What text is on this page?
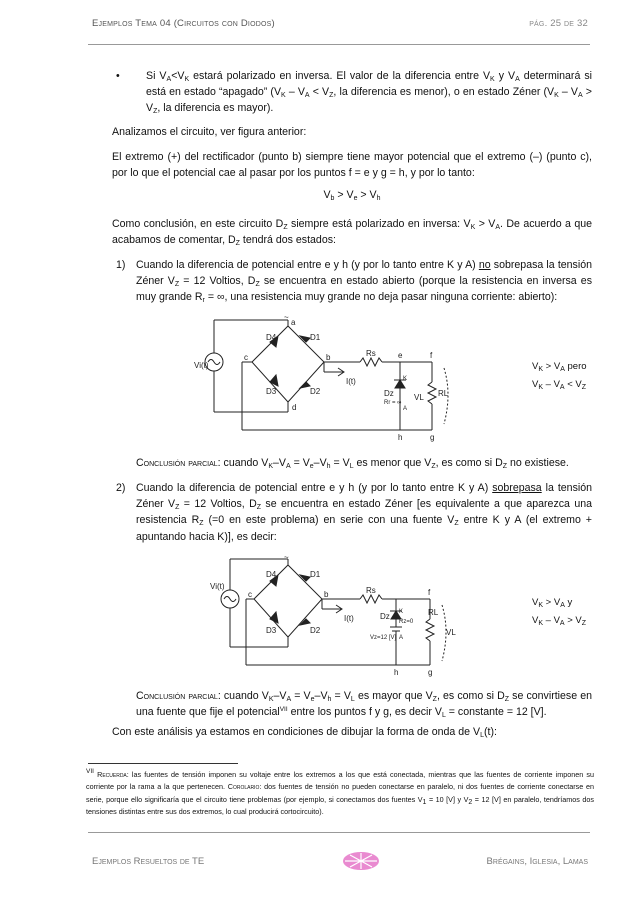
Ejemplos Tema 04 (Circuitos con Diodos)	pág. 25 de 32
•	Si $V_A<V_K$ estará polarizado en inversa. El valor de la diferencia entre $V_K$ y $V_A$ determinará si está en estado “apagado” ($V_K - V_A < V_Z$, la diferencia es menor), o en estado Zéner ($V_K - V_A > V_Z$, la diferencia es mayor).
Analizamos el circuito, ver figura anterior:
El extremo (+) del rectificador (punto b) siempre tiene mayor potencial que el extremo (–) (punto c), por lo que el potencial cae al pasar por los puntos f = e y g = h, y por lo tanto:
$V_b > V_e > V_h$
Como conclusión, en este circuito $D_Z$ siempre está polarizado en inversa: $V_K > V_A$. De acuerdo a que acabamos de comentar, $D_Z$ tendrá dos estados:
1) Cuando la diferencia de potencial entre e y h (y por lo tanto entre K y A) no sobrepasa la tensión Zéner $V_Z = 12$ Voltios, $D_Z$ se encuentra en estado abierto (porque la resistencia en inversa es muy grande $R_r$ = ∞, una resistencia muy grande no deja pasar ninguna corriente: abierto):
~
a
b
c
d
D4	D1
D3	D2
Vi(t)
Rs	e	f
h	g
Dz
K
A
Rr = ∞
I(t)
VL RL
$V_K > V_A$ pero
$V_K - V_A < V_Z$
Conclusión parcial: cuando $V_K-V_A = V_e-V_h = V_L$ es menor que $V_Z$, es como si $D_Z$ no existiese.
2) Cuando la diferencia de potencial entre e y h (y por lo tanto entre K y A) sobrepasa la tensión Zéner $V_Z = 12$ Voltios, $D_Z$ se encuentra en estado Zéner [es equivalente a que aparezca una resistencia $R_Z$ (=0 en este problema) en serie con una fuente $V_Z$ entre K y A (el extremo + apuntando hacia K)], es decir:
~
b
c
D4	D1
D3	D2
Vi(t)	Rs	f
h	g
Dz K
A
Rz=0
Vz=12 [V]
I(t)
VL
RL
$V_K > V_A$ y
$V_K - V_A > V_Z$
Conclusión parcial: cuando $V_K-V_A = V_e-V_h = V_L$ es mayor que $V_Z$, es como si $D_Z$ se convirtiese en una fuente que fije el potencial$^{VII}$ entre los puntos f y g, es decir $V_L$ = constante = 12 [V].
Con este análisis ya estamos en condiciones de dibujar la forma de onda de $V_L(t)$:
$^{VII}$ Recuerda: las fuentes de tensión imponen su voltaje entre los extremos a los que está conectada, mientras que las fuentes de corriente imponen su corriente por la rama a la que pertenecen. Corolario: dos fuentes de tensión no pueden conectarse en paralelo, ni dos fuentes de corriente conectarse en serie, porque ello significaría que el circuito tiene problemas (por ejemplo, si conectamos dos fuentes $V_1 = 10$ [V] y $V_2 = 12$ [V] en paralelo, tendríamos dos tensiones distintas entre sus dos extremos, lo cual producirá cortocircuito).
Ejemplos Resueltos de TE	Brégains, Iglesia, Lamas
